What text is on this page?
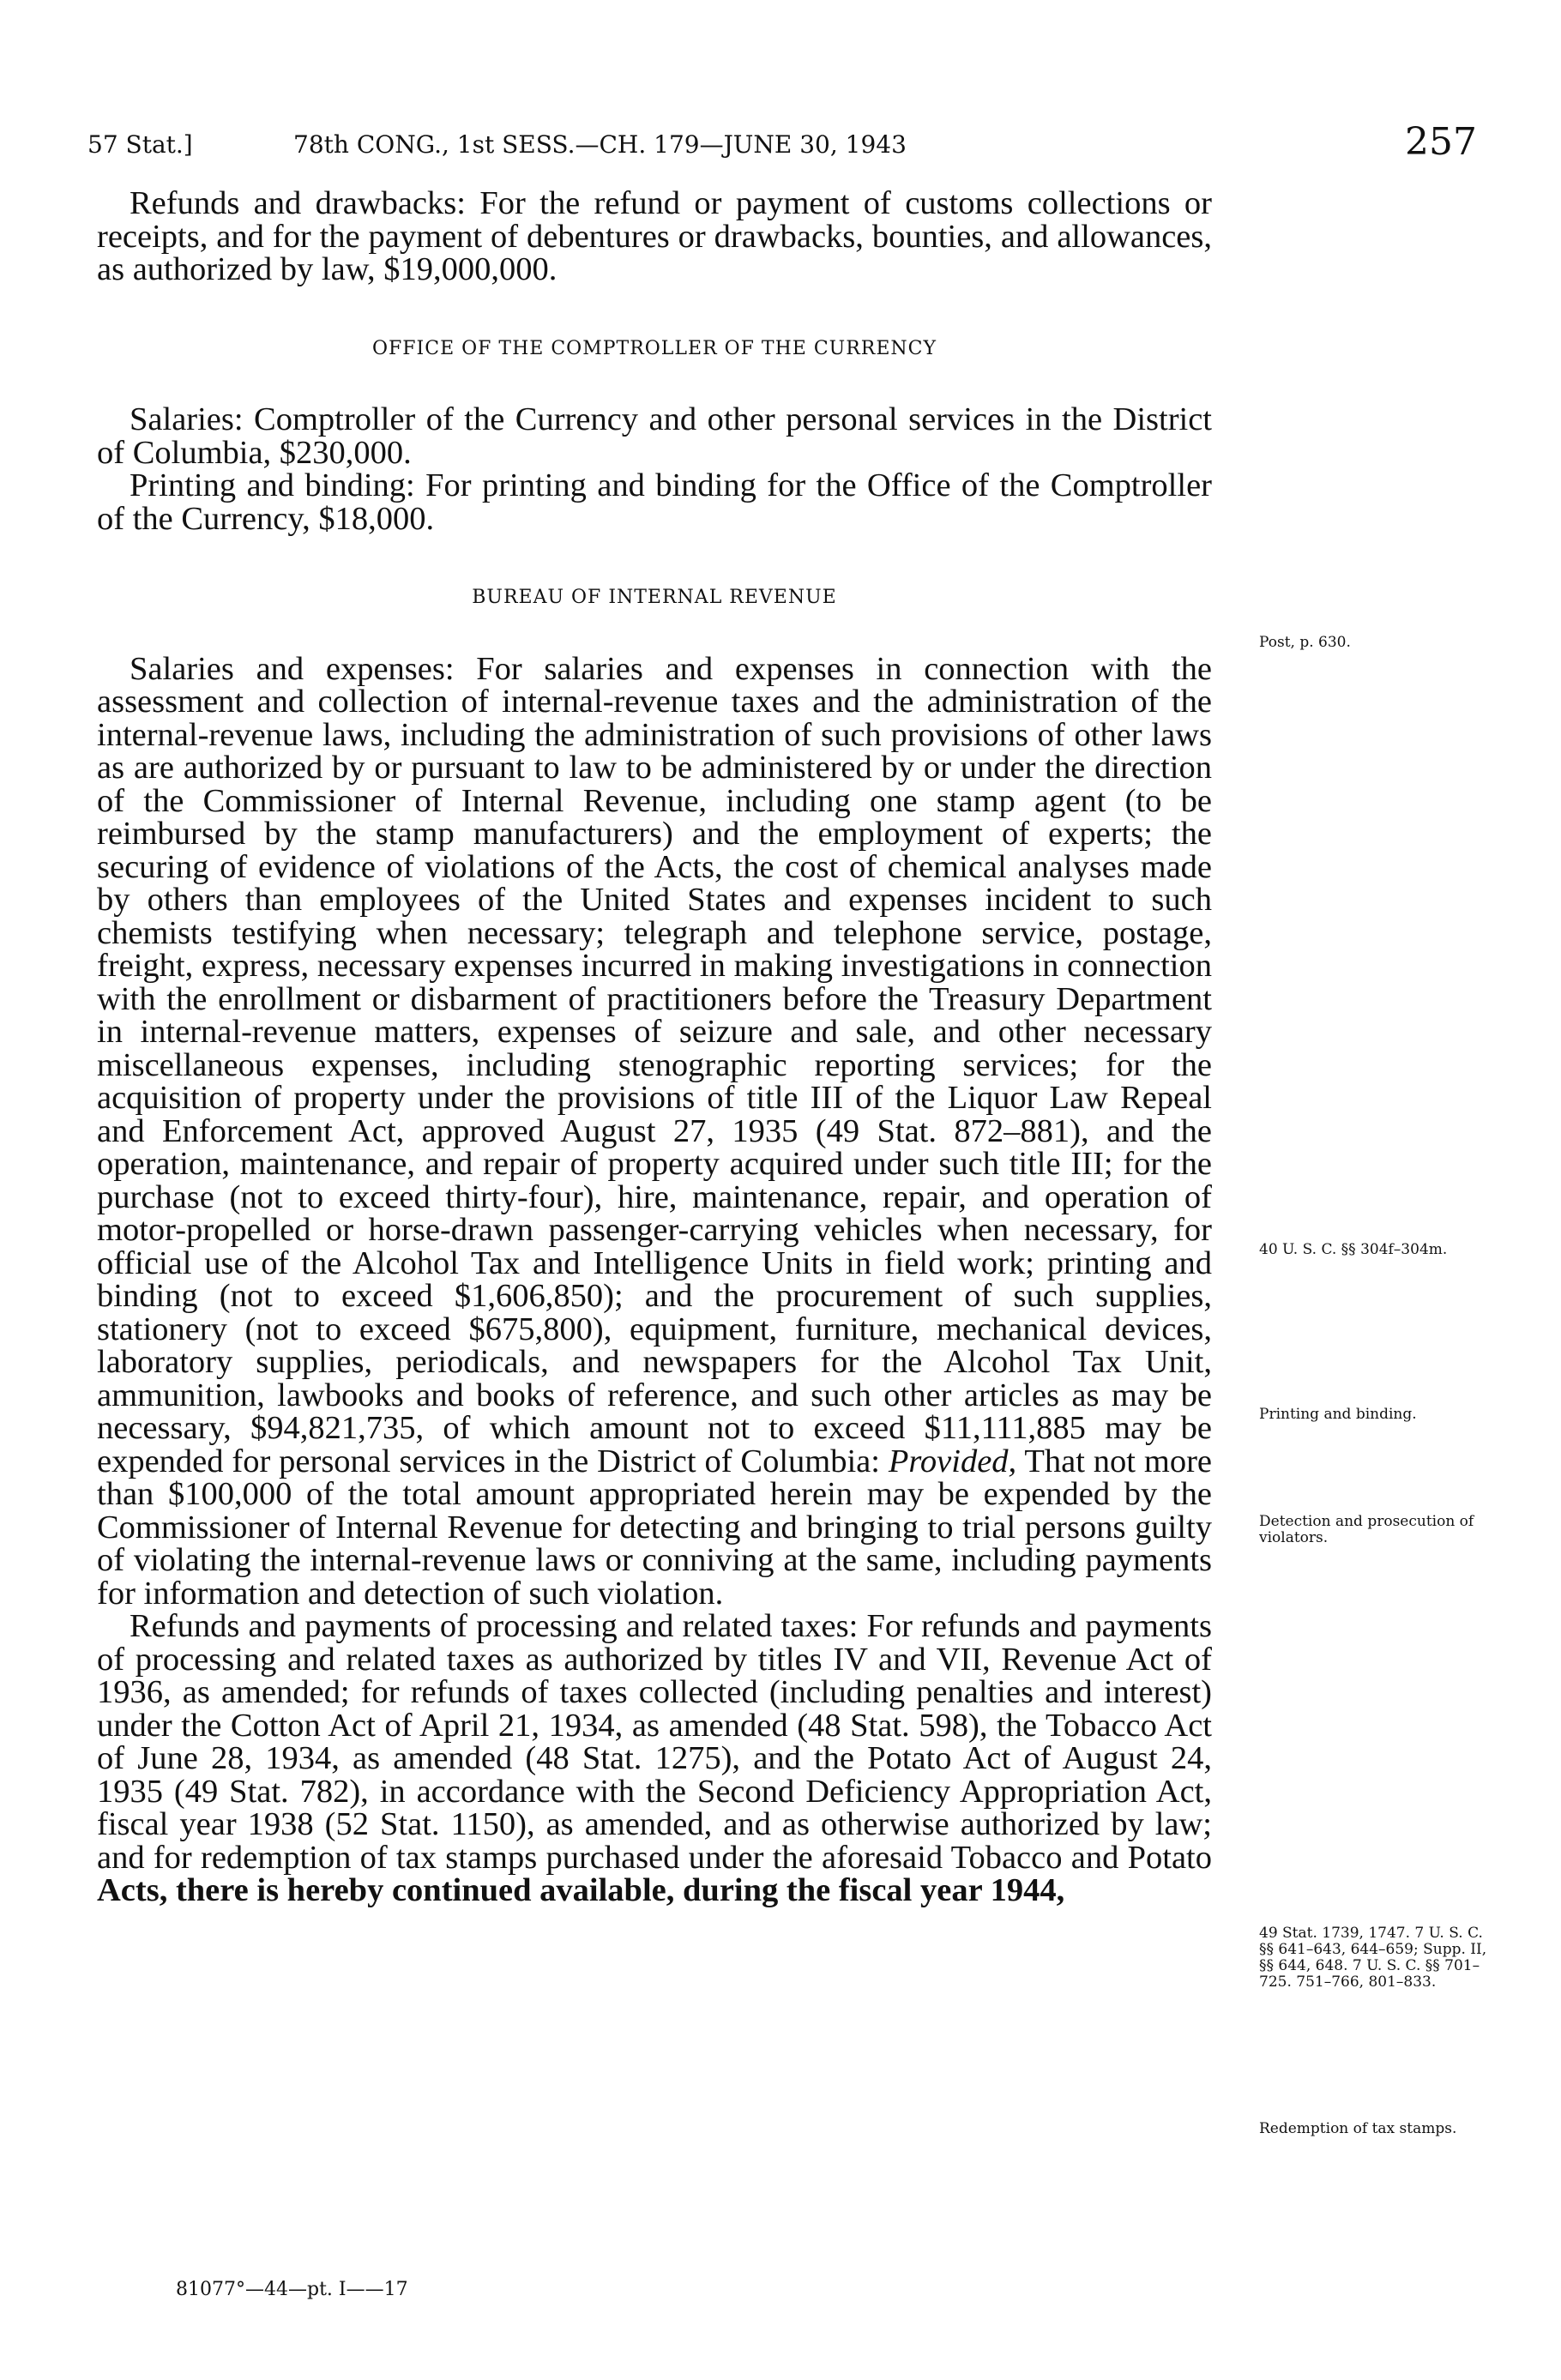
57 Stat.]	78th CONG., 1st SESS.—CH. 179—JUNE 30, 1943	257

Refunds and drawbacks: For the refund or payment of customs collections or receipts, and for the payment of debentures or drawbacks, bounties, and allowances, as authorized by law, $19,000,000.

OFFICE OF THE COMPTROLLER OF THE CURRENCY

Salaries: Comptroller of the Currency and other personal services in the District of Columbia, $230,000.

Printing and binding: For printing and binding for the Office of the Comptroller of the Currency, $18,000.

BUREAU OF INTERNAL REVENUE

Salaries and expenses: For salaries and expenses in connection with the assessment and collection of internal-revenue taxes and the administration of the internal-revenue laws, including the administration of such provisions of other laws as are authorized by or pursuant to law to be administered by or under the direction of the Commissioner of Internal Revenue, including one stamp agent (to be reimbursed by the stamp manufacturers) and the employment of experts; the securing of evidence of violations of the Acts, the cost of chemical analyses made by others than employees of the United States and expenses incident to such chemists testifying when necessary; telegraph and telephone service, postage, freight, express, necessary expenses incurred in making investigations in connection with the enrollment or disbarment of practitioners before the Treasury Department in internal-revenue matters, expenses of seizure and sale, and other necessary miscellaneous expenses, including stenographic reporting services; for the acquisition of property under the provisions of title III of the Liquor Law Repeal and Enforcement Act, approved August 27, 1935 (49 Stat. 872–881), and the operation, maintenance, and repair of property acquired under such title III; for the purchase (not to exceed thirty-four), hire, maintenance, repair, and operation of motor-propelled or horse-drawn passenger-carrying vehicles when necessary, for official use of the Alcohol Tax and Intelligence Units in field work; printing and binding (not to exceed $1,606,850); and the procurement of such supplies, stationery (not to exceed $675,800), equipment, furniture, mechanical devices, laboratory supplies, periodicals, and newspapers for the Alcohol Tax Unit, ammunition, lawbooks and books of reference, and such other articles as may be necessary, $94,821,735, of which amount not to exceed $11,111,885 may be expended for personal services in the District of Columbia: Provided, That not more than $100,000 of the total amount appropriated herein may be expended by the Commissioner of Internal Revenue for detecting and bringing to trial persons guilty of violating the internal-revenue laws or conniving at the same, including payments for information and detection of such violation.

Refunds and payments of processing and related taxes: For refunds and payments of processing and related taxes as authorized by titles IV and VII, Revenue Act of 1936, as amended; for refunds of taxes collected (including penalties and interest) under the Cotton Act of April 21, 1934, as amended (48 Stat. 598), the Tobacco Act of June 28, 1934, as amended (48 Stat. 1275), and the Potato Act of August 24, 1935 (49 Stat. 782), in accordance with the Second Deficiency Appropriation Act, fiscal year 1938 (52 Stat. 1150), as amended, and as otherwise authorized by law; and for redemption of tax stamps purchased under the aforesaid Tobacco and Potato Acts, there is hereby continued available, during the fiscal year 1944,

Post, p. 630.
40 U. S. C. §§ 304f–304m.
Printing and binding.
Detection and prosecution of violators.
49 Stat. 1739, 1747. 7 U. S. C. §§ 641–643, 644–659; Supp. II, §§ 644, 648. 7 U. S. C. §§ 701–725. 751–766, 801–833.
Redemption of tax stamps.
81077°—44—pt. I——17
